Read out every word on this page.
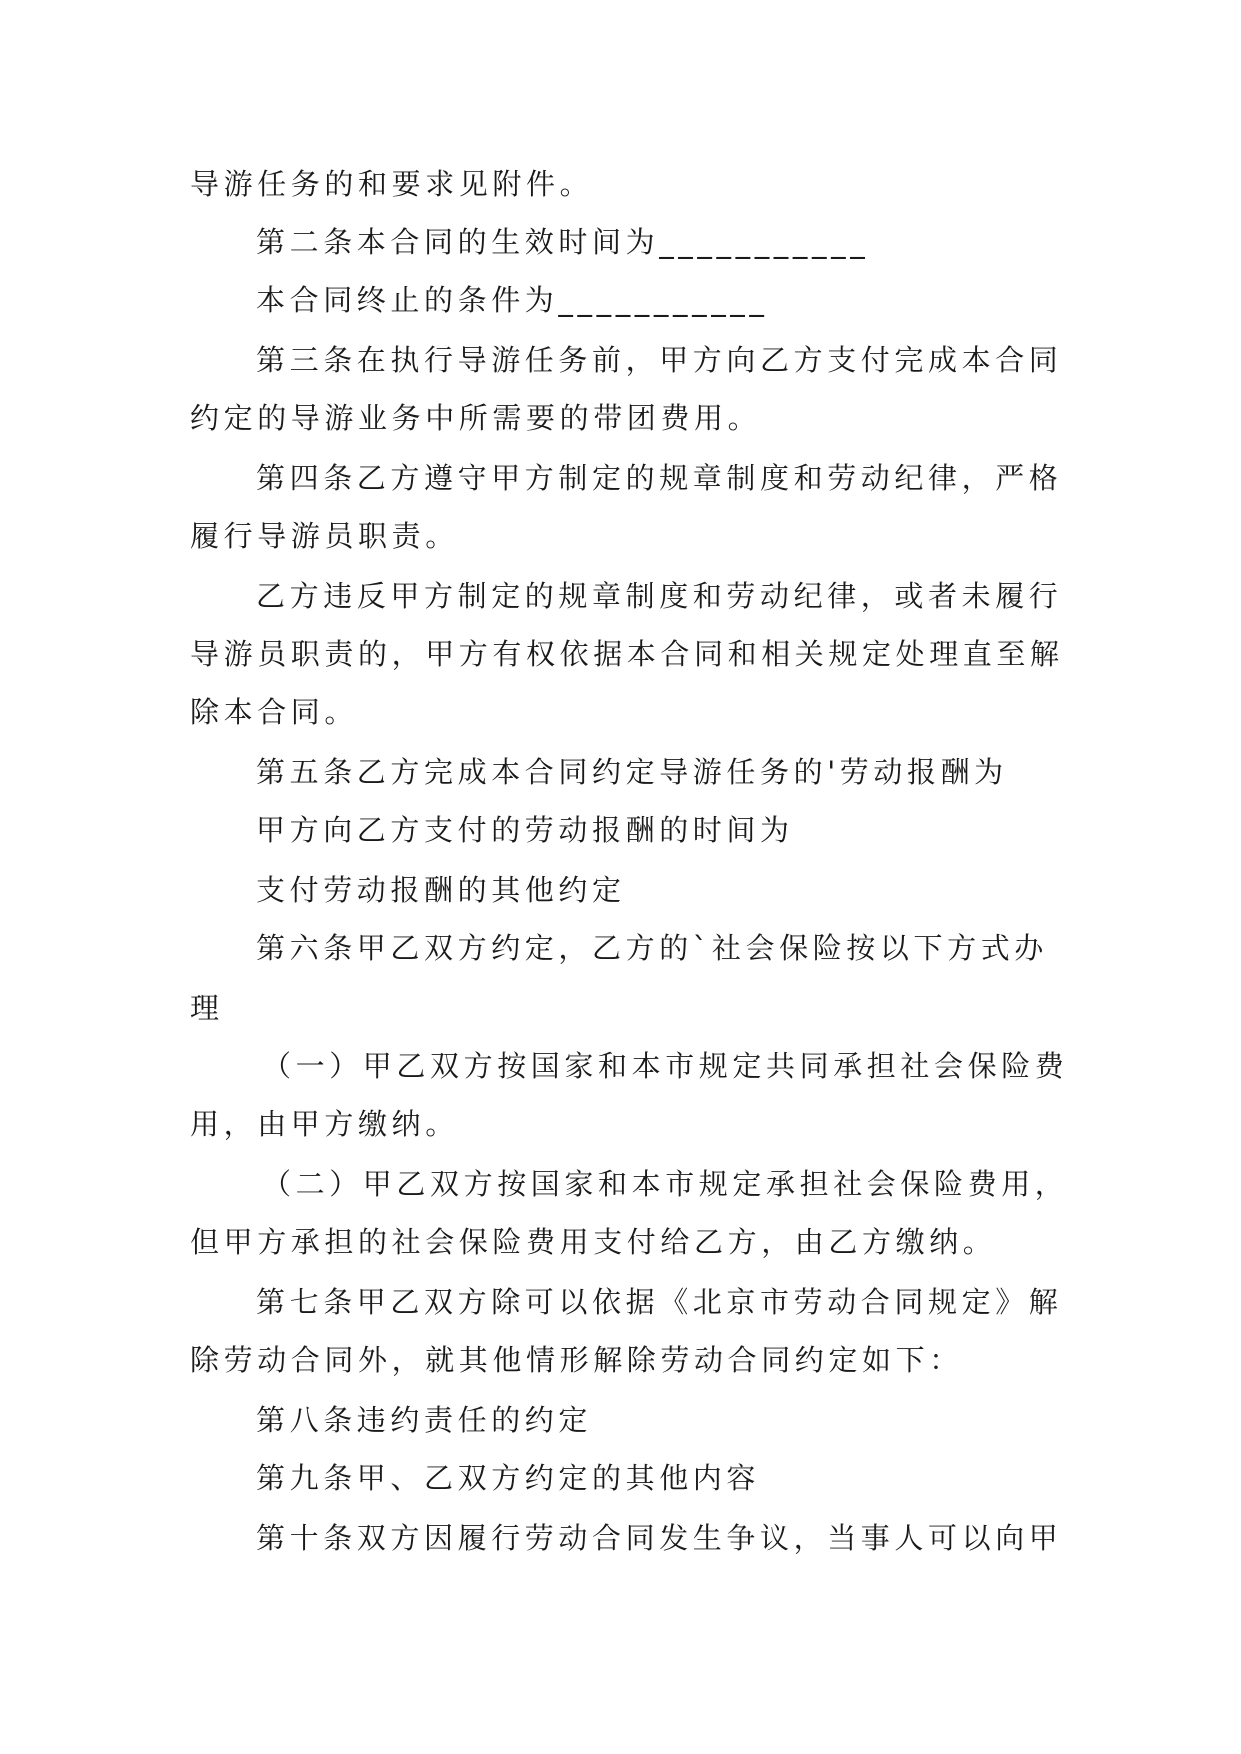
导游任务的和要求见附件。
第二条本合同的生效时间为___________
本合同终止的条件为___________
第三条在执行导游任务前，甲方向乙方支付完成本合同
约定的导游业务中所需要的带团费用。
第四条乙方遵守甲方制定的规章制度和劳动纪律，严格
履行导游员职责。
乙方违反甲方制定的规章制度和劳动纪律，或者未履行
导游员职责的，甲方有权依据本合同和相关规定处理直至解
除本合同。
第五条乙方完成本合同约定导游任务的'劳动报酬为
甲方向乙方支付的劳动报酬的时间为
支付劳动报酬的其他约定
第六条甲乙双方约定，乙方的`社会保险按以下方式办
理
（一）甲乙双方按国家和本市规定共同承担社会保险费
用，由甲方缴纳。
（二）甲乙双方按国家和本市规定承担社会保险费用，
但甲方承担的社会保险费用支付给乙方，由乙方缴纳。
第七条甲乙双方除可以依据《北京市劳动合同规定》解
除劳动合同外，就其他情形解除劳动合同约定如下：
第八条违约责任的约定
第九条甲、乙双方约定的其他内容
第十条双方因履行劳动合同发生争议，当事人可以向甲
